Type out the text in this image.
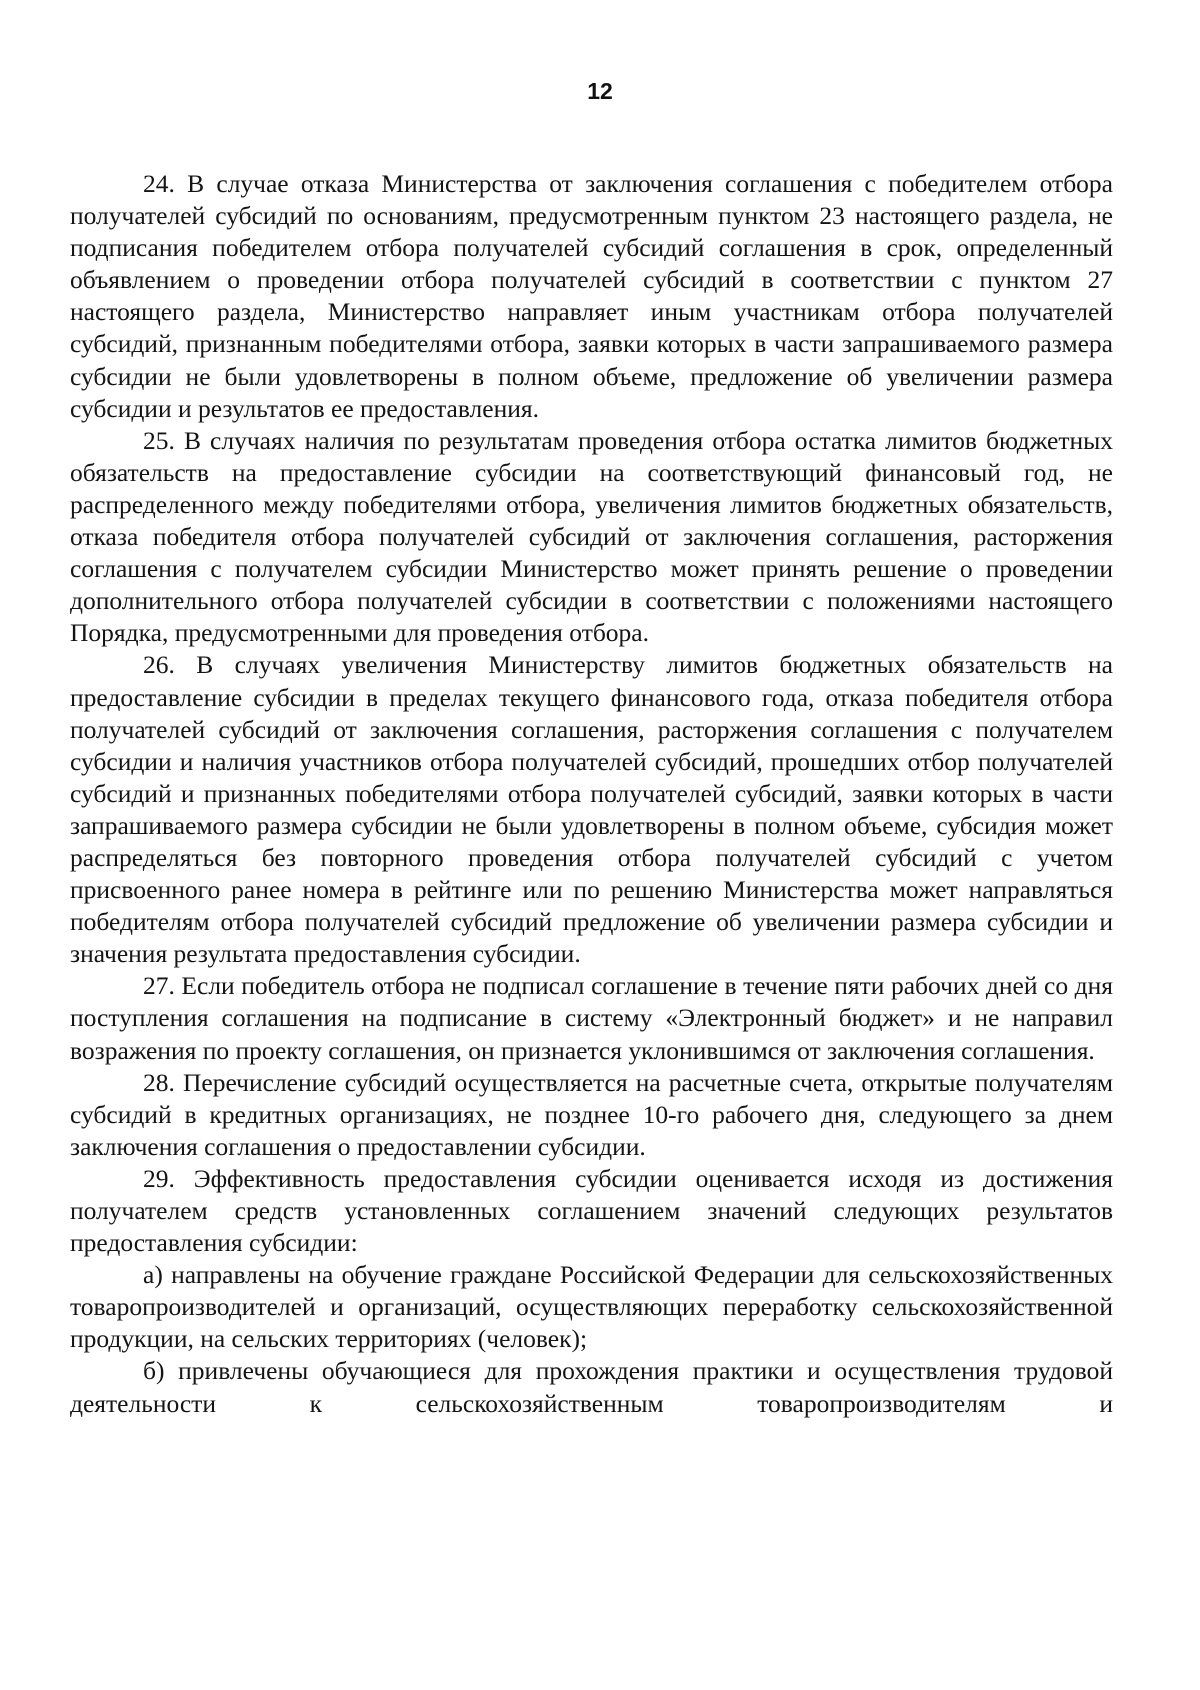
12

24. В случае отказа Министерства от заключения соглашения с победителем отбора получателей субсидий по основаниям, предусмотренным пунктом 23 настоящего раздела, не подписания победителем отбора получателей субсидий соглашения в срок, определенный объявлением о проведении отбора получателей субсидий в соответствии с пунктом 27 настоящего раздела, Министерство направляет иным участникам отбора получателей субсидий, признанным победителями отбора, заявки которых в части запрашиваемого размера субсидии не были удовлетворены в полном объеме, предложение об увеличении размера субсидии и результатов ее предоставления.

25. В случаях наличия по результатам проведения отбора остатка лимитов бюджетных обязательств на предоставление субсидии на соответствующий финансовый год, не распределенного между победителями отбора, увеличения лимитов бюджетных обязательств, отказа победителя отбора получателей субсидий от заключения соглашения, расторжения соглашения с получателем субсидии Министерство может принять решение о проведении дополнительного отбора получателей субсидии в соответствии с положениями настоящего Порядка, предусмотренными для проведения отбора.

26. В случаях увеличения Министерству лимитов бюджетных обязательств на предоставление субсидии в пределах текущего финансового года, отказа победителя отбора получателей субсидий от заключения соглашения, расторжения соглашения с получателем субсидии и наличия участников отбора получателей субсидий, прошедших отбор получателей субсидий и признанных победителями отбора получателей субсидий, заявки которых в части запрашиваемого размера субсидии не были удовлетворены в полном объеме, субсидия может распределяться без повторного проведения отбора получателей субсидий с учетом присвоенного ранее номера в рейтинге или по решению Министерства может направляться победителям отбора получателей субсидий предложение об увеличении размера субсидии и значения результата предоставления субсидии.

27. Если победитель отбора не подписал соглашение в течение пяти рабочих дней со дня поступления соглашения на подписание в систему «Электронный бюджет» и не направил возражения по проекту соглашения, он признается уклонившимся от заключения соглашения.

28. Перечисление субсидий осуществляется на расчетные счета, открытые получателям субсидий в кредитных организациях, не позднее 10-го рабочего дня, следующего за днем заключения соглашения о предоставлении субсидии.

29. Эффективность предоставления субсидии оценивается исходя из достижения получателем средств установленных соглашением значений следующих результатов предоставления субсидии:

а) направлены на обучение граждане Российской Федерации для сельскохозяйственных товаропроизводителей и организаций, осуществляющих переработку сельскохозяйственной продукции, на сельских территориях (человек);

б) привлечены обучающиеся для прохождения практики и осуществления трудовой деятельности к сельскохозяйственным товаропроизводителям и
